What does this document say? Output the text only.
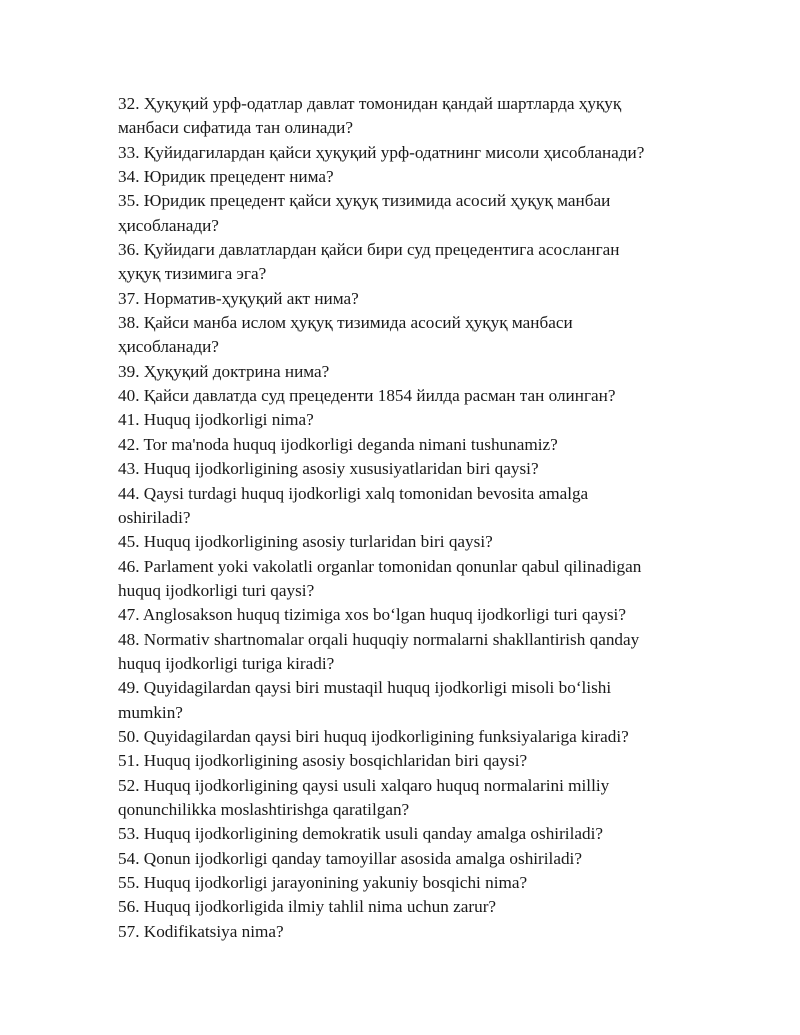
32. Ҳуқуқий урф-одатлар давлат томонидан қандай шартларда ҳуқуқ

манбаси сифатида тан олинади?

33. Қуйидагилардан қайси ҳуқуқий урф-одатнинг мисоли ҳисобланади?

34. Юридик прецедент нима?

35. Юридик прецедент қайси ҳуқуқ тизимида асосий ҳуқуқ манбаи

ҳисобланади?

36. Қуйидаги давлатлардан қайси бири суд прецедентига асосланган

ҳуқуқ тизимига эга?

37. Норматив-ҳуқуқий акт нима?

38. Қайси манба ислом ҳуқуқ тизимида асосий ҳуқуқ манбаси

ҳисобланади?

39. Ҳуқуқий доктрина нима?

40. Қайси давлатда суд прецеденти 1854 йилда расман тан олинган?

41. Huquq ijodkorligi nima?

42. Tor ma'noda huquq ijodkorligi deganda nimani tushunamiz?

43. Huquq ijodkorligining asosiy xususiyatlaridan biri qaysi?

44. Qaysi turdagi huquq ijodkorligi xalq tomonidan bevosita amalga

oshiriladi?

45. Huquq ijodkorligining asosiy turlaridan biri qaysi?

46. Parlament yoki vakolatli organlar tomonidan qonunlar qabul qilinadigan

huquq ijodkorligi turi qaysi?

47. Anglosakson huquq tizimiga xos boʻlgan huquq ijodkorligi turi qaysi?

48. Normativ shartnomalar orqali huquqiy normalarni shakllantirish qanday

huquq ijodkorligi turiga kiradi?

49. Quyidagilardan qaysi biri mustaqil huquq ijodkorligi misoli boʻlishi

mumkin?

50. Quyidagilardan qaysi biri huquq ijodkorligining funksiyalariga kiradi?

51. Huquq ijodkorligining asosiy bosqichlaridan biri qaysi?

52. Huquq ijodkorligining qaysi usuli xalqaro huquq normalarini milliy

qonunchilikka moslashtirishga qaratilgan?

53. Huquq ijodkorligining demokratik usuli qanday amalga oshiriladi?

54. Qonun ijodkorligi qanday tamoyillar asosida amalga oshiriladi?

55. Huquq ijodkorligi jarayonining yakuniy bosqichi nima?

56. Huquq ijodkorligida ilmiy tahlil nima uchun zarur?

57. Kodifikatsiya nima?
